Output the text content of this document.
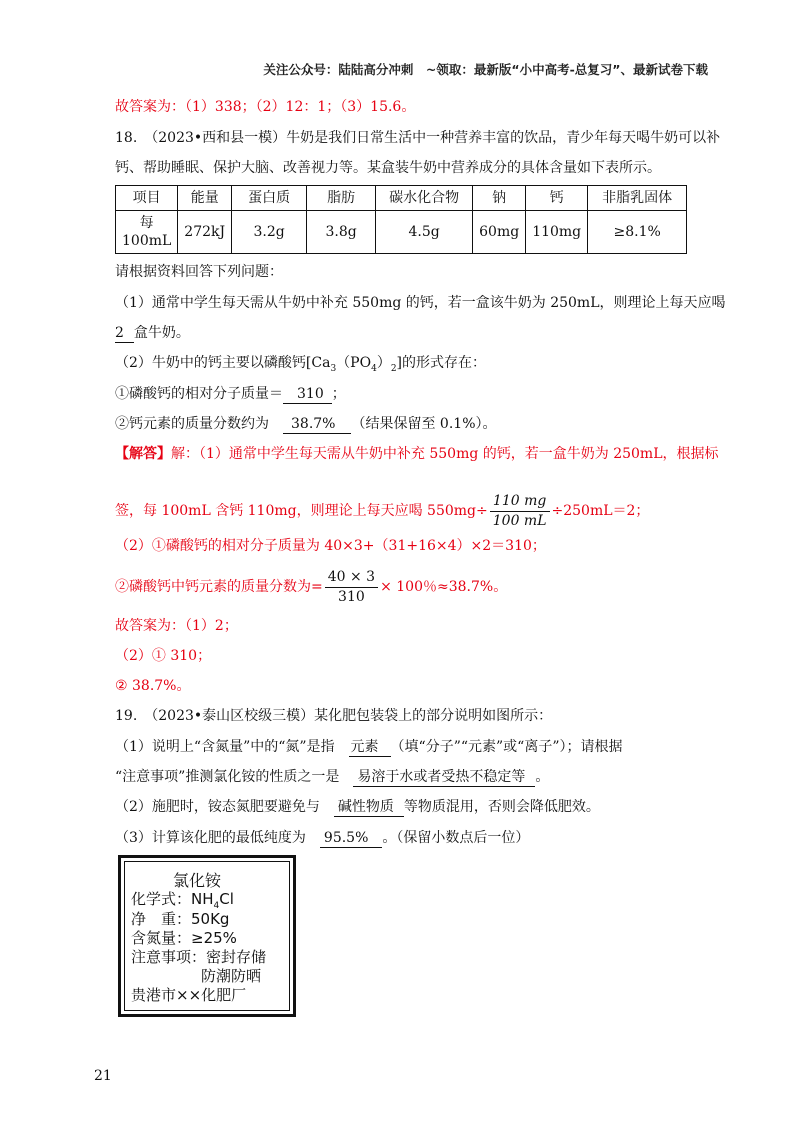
关注公众号：陆陆高分冲刺　~领取：最新版“小中高考-总复习”、最新试卷下载
故答案为：（1）338；（2）12：1；（3）15.6。
18.　（2023•西和县一模）牛奶是我们日常生活中一种营养丰富的饮品，青少年每天喝牛奶可以补
钙、帮助睡眠、保护大脑、改善视力等。某盒装牛奶中营养成分的具体含量如下表所示。
项目	能量	蛋白质	脂肪	碳水化合物	钠	钙	非脂乳固体
每
100mL	272kJ	3.2g	3.8g	4.5g	60mg	110mg	≥8.1%
请根据资料回答下列问题：
（1）通常中学生每天需从牛奶中补充 550mg 的钙，若一盒该牛奶为 250mL，则理论上每天应喝
2 盒牛奶。
（2）牛奶中的钙主要以磷酸钙$[Ca_3(PO_4)_2]$的形式存在：
①磷酸钙的相对分子质量＝ 310 ；
②钙元素的质量分数约为　 38.7% （结果保留至 0.1%）。
【解答】解：（1）通常中学生每天需从牛奶中补充 550mg 的钙，若一盒牛奶为 250mL，根据标
签，每 100mL 含钙 110mg，则理论上每天应喝 $550mg\div \frac{110 mg}{100 mL} \div 250mL=2$；
（2）①磷酸钙的相对分子质量为 40×3+（31+16×4）×2＝310；
②磷酸钙中钙元素的质量分数为= $\frac{40 \times 3}{310} \times 100$％≈38.7%。
故答案为：（1）2；
（2）① 310；
② 38.7%。
19.　（2023•泰山区校级三模）某化肥包装袋上的部分说明如图所示：
（1）说明上“含氮量”中的“氮”是指　 元素 （填“分子”“元素”或“离子”）；请根据
“注意事项”推测氯化铵的性质之一是　 易溶于水或者受热不稳定等 。
（2）施肥时，铵态氮肥要避免与　 碱性物质 等物质混用，否则会降低肥效。
（3）计算该化肥的最低纯度为　 95.5% 。（保留小数点后一位）
氯化铵
化学式：$NH_4Cl$
净　重：50Kg
含氮量：≥25%
注意事项：密封存储
防潮防晒
贵港市××化肥厂
21
